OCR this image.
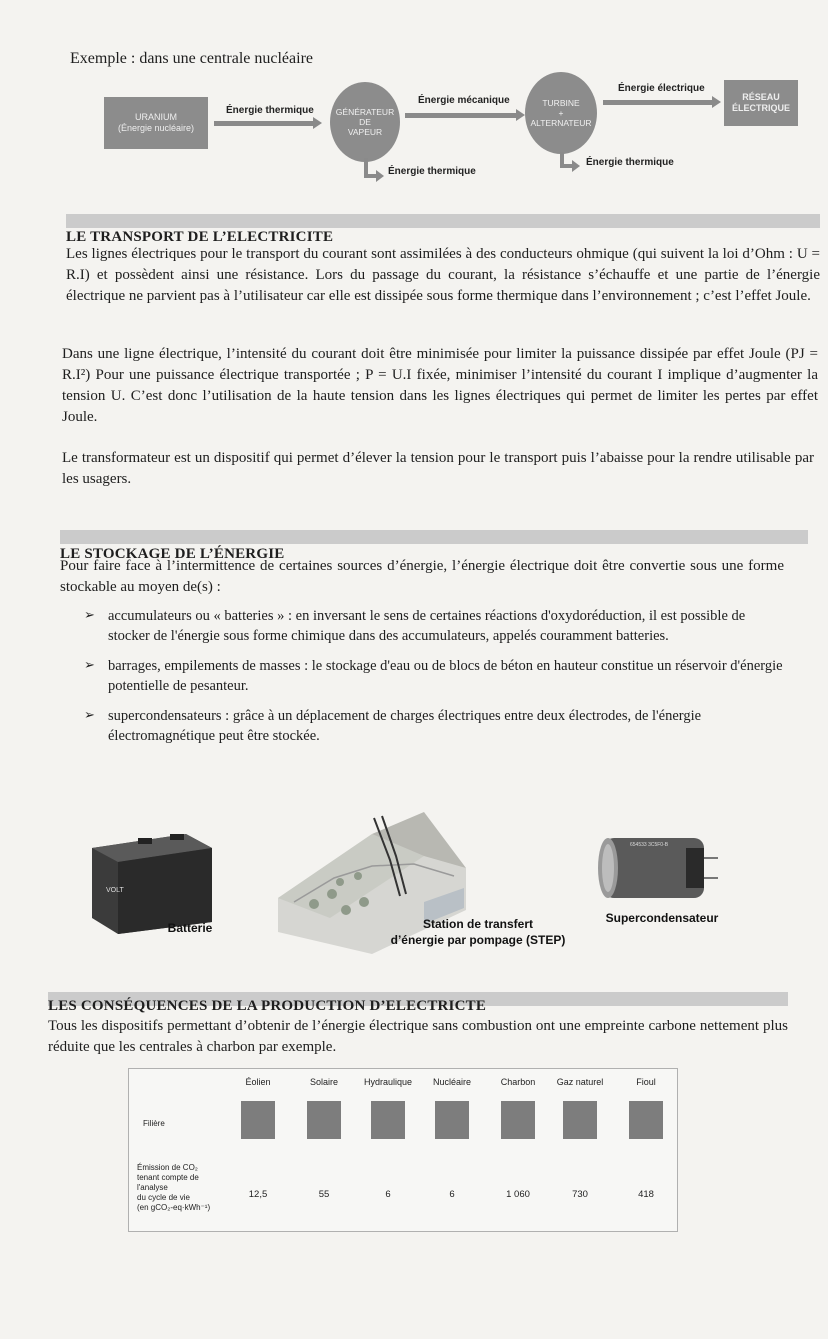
Exemple : dans une centrale nucléaire
URANIUM
(Énergie nucléaire)
Énergie thermique	GÉNÉRATEUR
DE
VAPEUR
Énergie mécanique	TURBINE
+
ALTERNATEUR
Énergie électrique
RÉSEAU
ÉLECTRIQUE
Énergie thermique
Énergie thermique
LE TRANSPORT DE L’ELECTRICITE
Les lignes électriques pour le transport du courant sont assimilées à des conducteurs ohmique (qui suivent la loi d’Ohm : U = R.I) et possèdent ainsi une résistance. Lors du passage du courant, la résistance s’échauffe et une partie de l’énergie électrique ne parvient pas à l’utilisateur car elle est dissipée sous forme thermique dans l’environnement ; c’est l’effet Joule.
Dans une ligne électrique, l’intensité du courant doit être minimisée pour limiter la puissance dissipée par effet Joule (PJ = R.I²) Pour une puissance électrique transportée ; P = U.I fixée, minimiser l’intensité du courant I implique d’augmenter la tension U. C’est donc l’utilisation de la haute tension dans les lignes électriques qui permet de limiter les pertes par effet Joule.
Le transformateur est un dispositif qui permet d’élever la tension pour le transport puis l’abaisse pour la rendre utilisable par les usagers.
LE STOCKAGE DE L’ÉNERGIE
Pour faire face à l’intermittence de certaines sources d’énergie, l’énergie électrique doit être convertie sous une forme stockable au moyen de(s) :
➢ accumulateurs ou « batteries » : en inversant le sens de certaines réactions d'oxydoréduction, il est possible de stocker de l'énergie sous forme chimique dans des accumulateurs, appelés couramment batteries.
➢ barrages, empilements de masses : le stockage d'eau ou de blocs de béton en hauteur constitue un réservoir d'énergie potentielle de pesanteur.
➢ supercondensateurs : grâce à un déplacement de charges électriques entre deux électrodes, de l'énergie électromagnétique peut être stockée.
VOLT
Batterie	Station de transfert
d’énergie par pompage (STEP)
654533 3C5F0-B
Supercondensateur
LES CONSÉQUENCES DE LA PRODUCTION D’ELECTRICTE
Tous les dispositifs permettant d’obtenir de l’énergie électrique sans combustion ont une empreinte carbone nettement plus réduite que les centrales à charbon par exemple.
Filière
Émission de CO₂
tenant compte de
l'analyse
du cycle de vie
(en gCO₂-eq·kWh⁻¹)
Éolien	Solaire	Hydraulique	Nucléaire	Charbon	Gaz naturel	Fioul
12,5	55	6	6	1 060	730	418
